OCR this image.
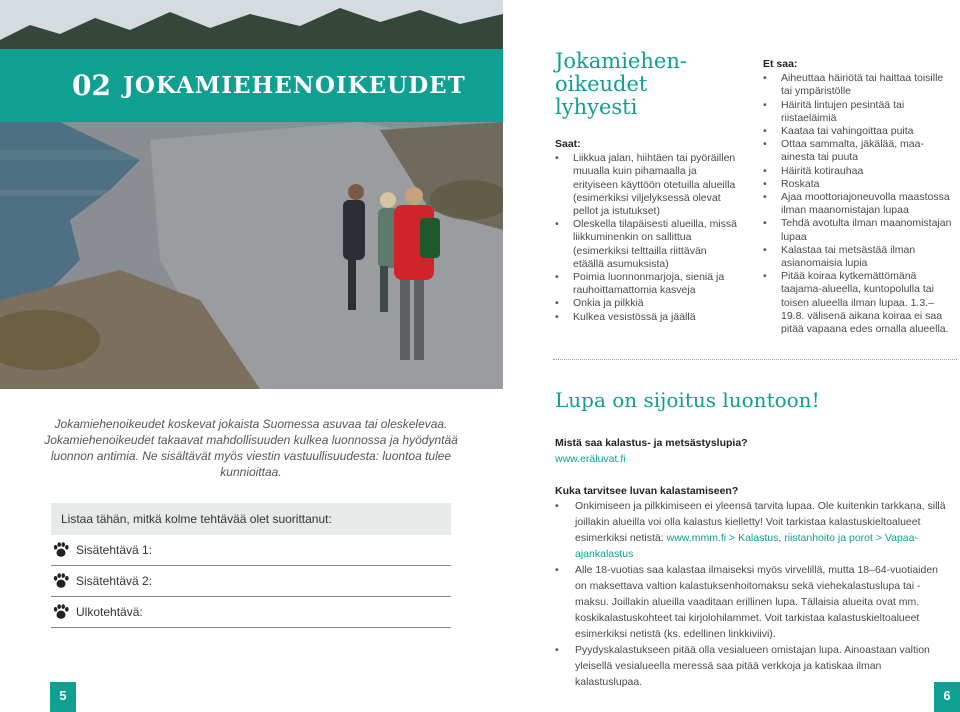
02 JOKAMIEHENOIKEUDET

Jokamiehenoikeudet koskevat jokaista Suomessa asuvaa tai oleskelevaa. Jokamiehenoikeudet takaavat mahdollisuuden kulkea luonnossa ja hyödyntää luonnon antimia. Ne sisältävät myös viestin vastuullisuudesta: luontoa tulee kunnioittaa.

Listaa tähän, mitkä kolme tehtävää olet suorittanut:
Sisätehtävä 1:
Sisätehtävä 2:
Ulkotehtävä:
5
Jokamiehen-
oikeudet
lyhyesti
Saat:
• Liikkua jalan, hiihtäen tai pyöräillen muualla kuin pihamaalla ja erityiseen käyttöön otetuilla alueilla (esimerkiksi viljelyksessä olevat pellot ja istutukset)
• Oleskella tilapäisesti alueilla, missä liikkuminenkin on sallittua (esimerkiksi telttailla riittävän etäällä asumuksista)
• Poimia luonnonmarjoja, sieniä ja rauhoittamattomia kasveja
• Onkia ja pilkkiä
• Kulkea vesistössä ja jäällä
Et saa:
• Aiheuttaa häiriötä tai haittaa toisille tai ympäristölle
• Häiritä lintujen pesintää tai riistaeläimiä
• Kaataa tai vahingoittaa puita
• Ottaa sammalta, jäkälää, maa-ainesta tai puuta
• Häiritä kotirauhaa
• Roskata
• Ajaa moottoriajoneuvolla maastossa ilman maanomistajan lupaa
• Tehdä avotulta ilman maanomistajan lupaa
• Kalastaa tai metsästää ilman asianomaisia lupia
• Pitää koiraa kytkemättömänä taajama-alueella, kuntopolulla tai toisen alueella ilman lupaa. 1.3.–19.8. välisenä aikana koiraa ei saa pitää vapaana edes omalla alueella.
Lupa on sijoitus luontoon!
Mistä saa kalastus- ja metsästyslupia?
www.eräluvat.fi
Kuka tarvitsee luvan kalastamiseen?
• Onkimiseen ja pilkkimiseen ei yleensä tarvita lupaa. Ole kuitenkin tarkkana, sillä joillakin alueilla voi olla kalastus kielletty! Voit tarkistaa kalastuskieltoalueet esimerkiksi netistä: www.mmm.fi > Kalastus, riistanhoito ja porot > Vapaa-ajankalastus
• Alle 18-vuotias saa kalastaa ilmaiseksi myös virvelillä, mutta 18–64-vuotiaiden on maksettava valtion kalastuksenhoitomaksu sekä viehekalastuslupa tai -maksu. Joillakin alueilla vaaditaan erillinen lupa. Tällaisia alueita ovat mm. koskikalastuskohteet tai kirjolohilammet. Voit tarkistaa kalastuskieltoalueet esimerkiksi netistä (ks. edellinen linkkiviivi).
• Pyydyskalastukseen pitää olla vesialueen omistajan lupa. Ainoastaan valtion yleisellä vesialueella meressä saa pitää verkkoja ja katiskaa ilman kalastuslupaa.
6
